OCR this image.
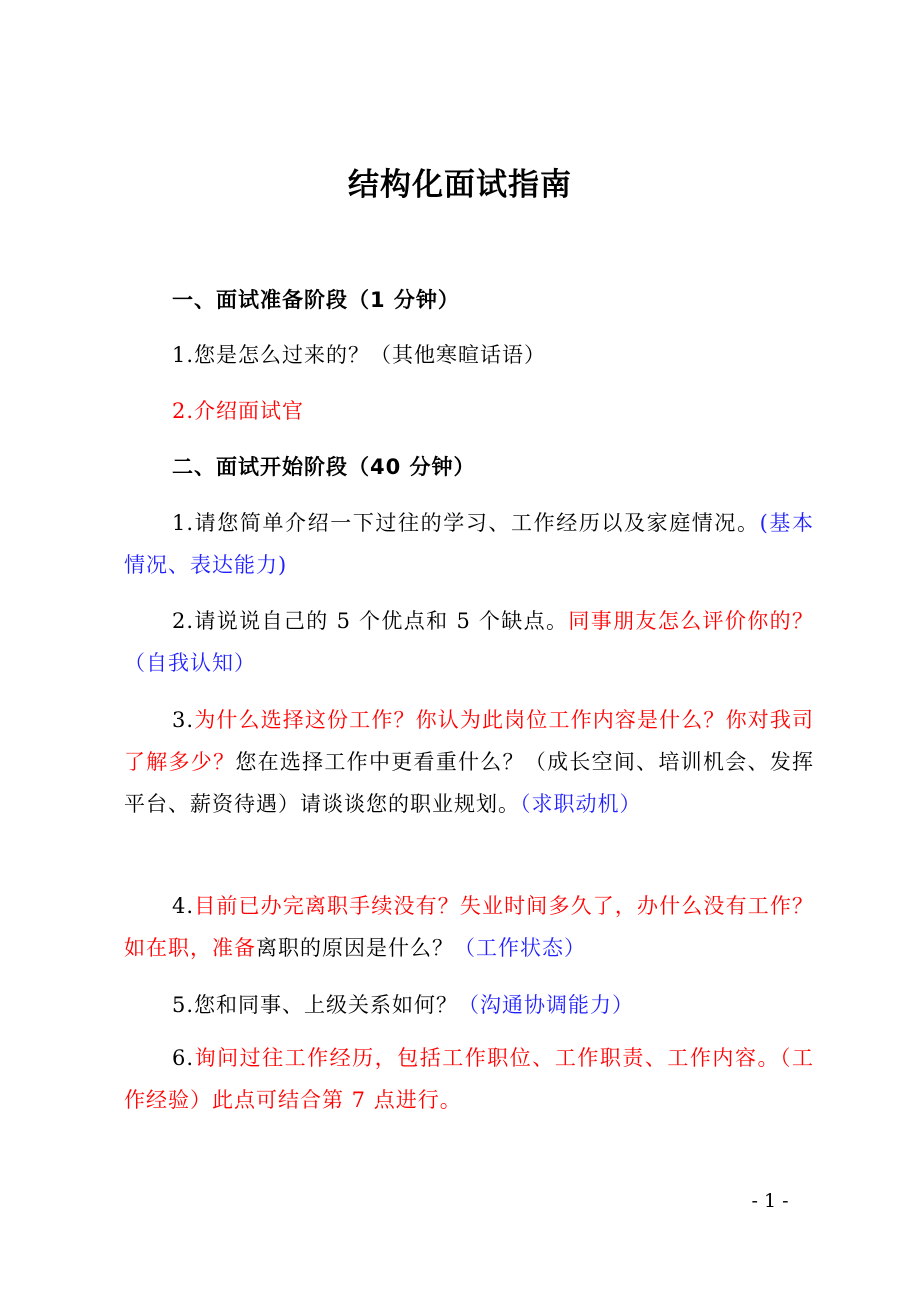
结构化面试指南
一、面试准备阶段（1 分钟）
1.您是怎么过来的？（其他寒暄话语）
2.介绍面试官
二、面试开始阶段（40 分钟）
1.请您简单介绍一下过往的学习、工作经历以及家庭情况。(基本情况、表达能力)
2.请说说自己的 5 个优点和 5 个缺点。同事朋友怎么评价你的？（自我认知）
3.为什么选择这份工作？你认为此岗位工作内容是什么？你对我司了解多少？您在选择工作中更看重什么？（成长空间、培训机会、发挥平台、薪资待遇）请谈谈您的职业规划。（求职动机）
4.目前已办完离职手续没有？失业时间多久了，办什么没有工作？如在职，准备离职的原因是什么？（工作状态）
5.您和同事、上级关系如何？（沟通协调能力）
6.询问过往工作经历，包括工作职位、工作职责、工作内容。（工作经验）此点可结合第 7 点进行。
- 1 -
